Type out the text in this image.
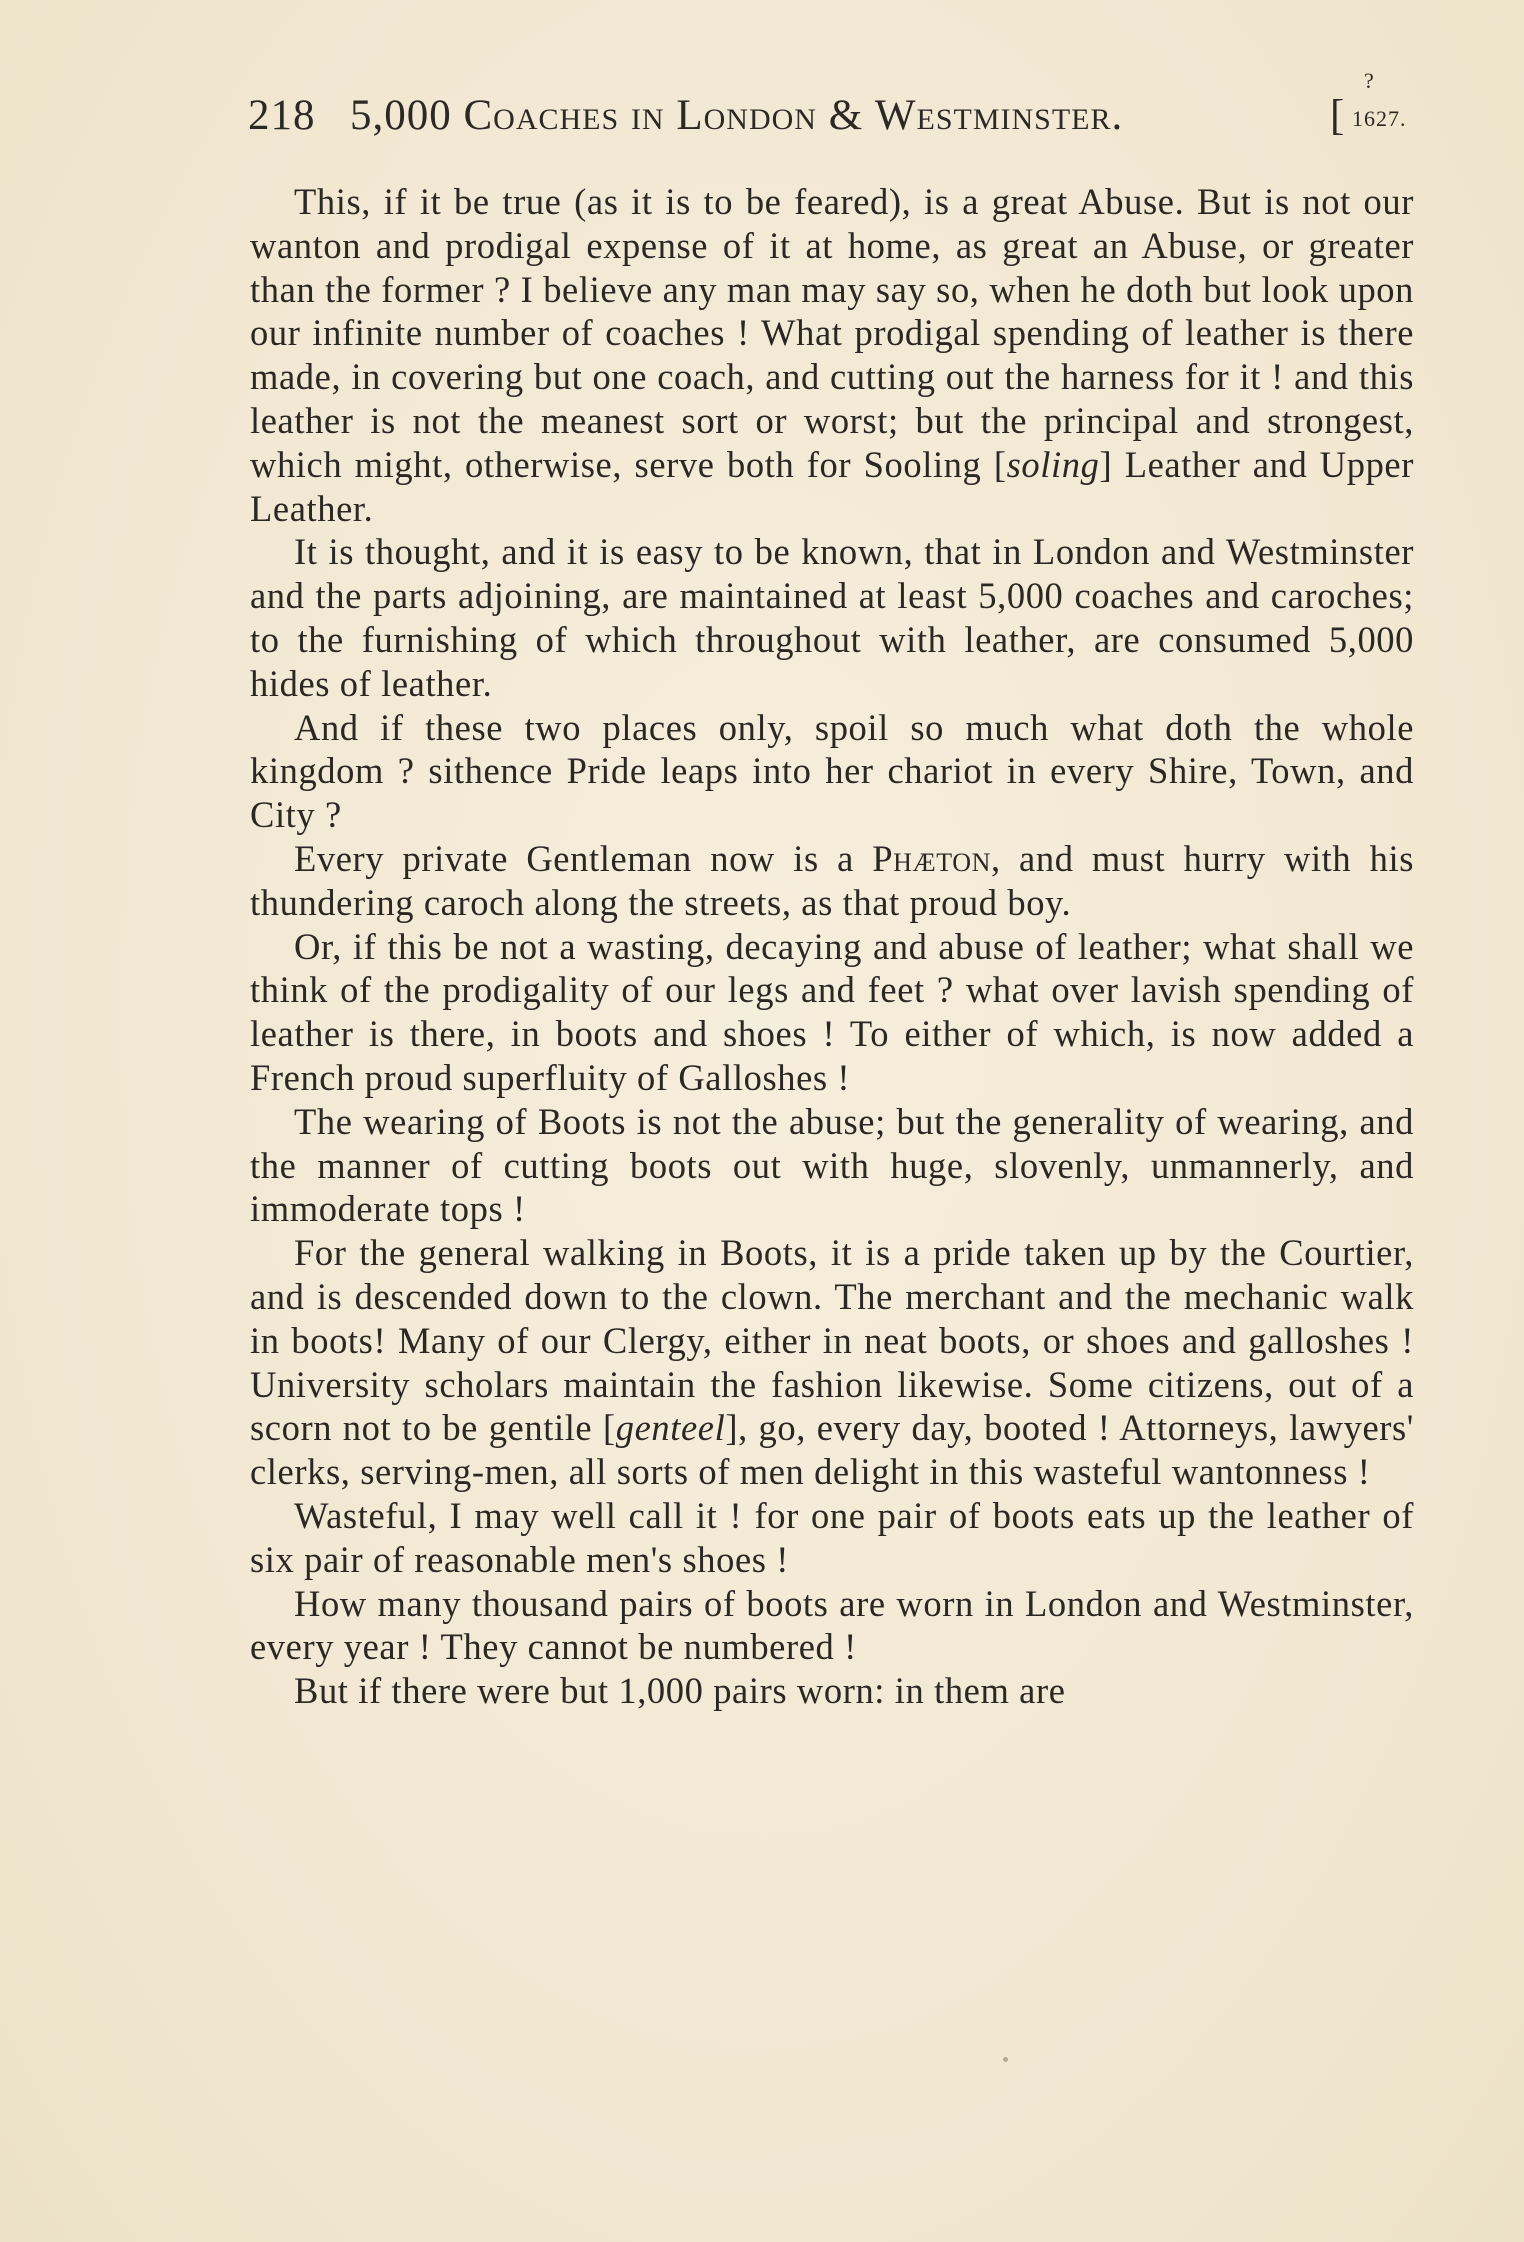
218 5,000 Coaches in London & Westminster.	[
?
1627.

This, if it be true (as it is to be feared), is a great Abuse. But is not our wanton and prodigal expense of it at home, as great an Abuse, or greater than the former ? I believe any man may say so, when he doth but look upon our infinite number of coaches ! What prodigal spending of leather is there made, in covering but one coach, and cutting out the harness for it ! and this leather is not the meanest sort or worst; but the principal and strongest, which might, otherwise, serve both for Sooling [soling] Leather and Upper Leather.

It is thought, and it is easy to be known, that in London and Westminster and the parts adjoining, are maintained at least 5,000 coaches and caroches; to the furnishing of which throughout with leather, are consumed 5,000 hides of leather.

And if these two places only, spoil so much what doth the whole kingdom ? sithence Pride leaps into her chariot in every Shire, Town, and City ?

Every private Gentleman now is a Phæton, and must hurry with his thundering caroch along the streets, as that proud boy.

Or, if this be not a wasting, decaying and abuse of leather; what shall we think of the prodigality of our legs and feet ? what over lavish spending of leather is there, in boots and shoes ! To either of which, is now added a French proud superfluity of Galloshes !

The wearing of Boots is not the abuse; but the generality of wearing, and the manner of cutting boots out with huge, slovenly, unmannerly, and immoderate tops !

For the general walking in Boots, it is a pride taken up by the Courtier, and is descended down to the clown. The merchant and the mechanic walk in boots! Many of our Clergy, either in neat boots, or shoes and galloshes ! University scholars maintain the fashion likewise. Some citizens, out of a scorn not to be gentile [genteel], go, every day, booted ! Attorneys, lawyers' clerks, serving-men, all sorts of men delight in this wasteful wantonness !

Wasteful, I may well call it ! for one pair of boots eats up the leather of six pair of reasonable men's shoes !

How many thousand pairs of boots are worn in London and Westminster, every year ! They cannot be numbered !

But if there were but 1,000 pairs worn: in them are
